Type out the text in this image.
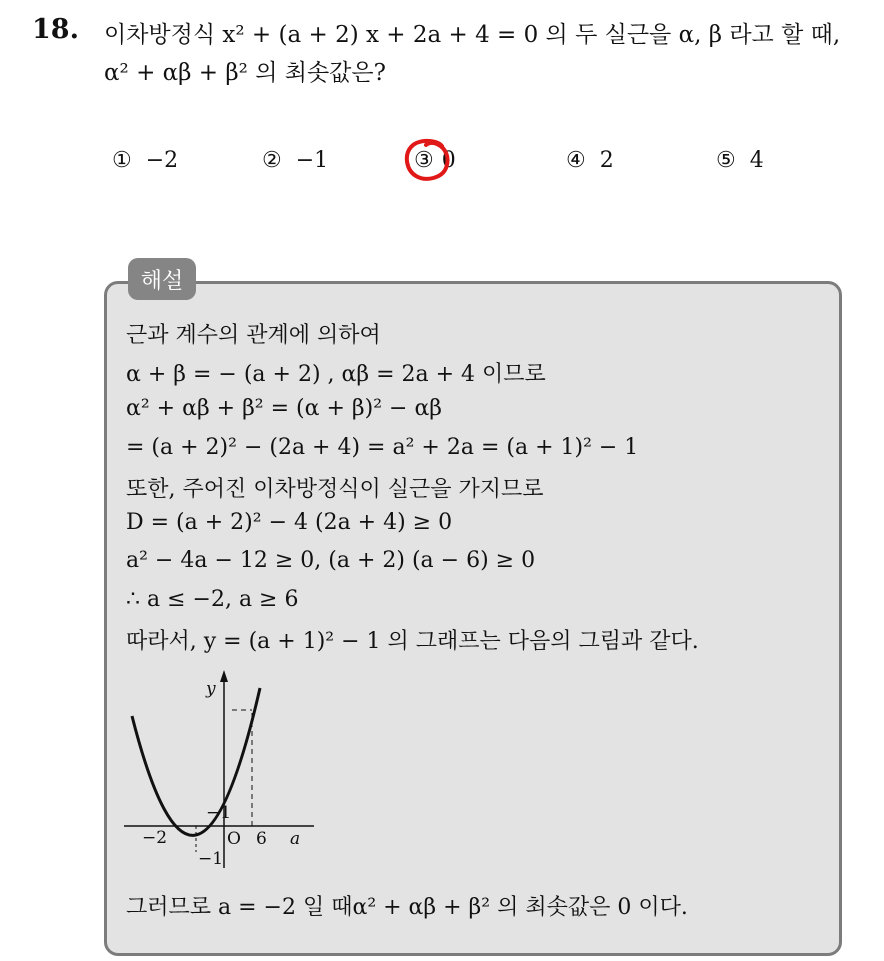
18. 이차방정식 x² + (a + 2) x + 2a + 4 = 0 의 두 실근을 α, β 라고 할 때,
α² + αβ + β² 의 최솟값은?
① −2	② −1	③ 0	④ 2	⑤ 4
해설
근과 계수의 관계에 의하여
α + β = − (a + 2) , αβ = 2a + 4 이므로
α² + αβ + β² = (α + β)² − αβ
= (a + 2)² − (2a + 4) = a² + 2a = (a + 1)² − 1
또한, 주어진 이차방정식이 실근을 가지므로
D = (a + 2)² − 4 (2a + 4) ≥ 0
a² − 4a − 12 ≥ 0, (a + 2) (a − 6) ≥ 0
∴ a ≤ −2, a ≥ 6
따라서, y = (a + 1)² − 1 의 그래프는 다음의 그림과 같다.
y
a
O
−2	6
−1
−1
그러므로 a = −2 일 때α² + αβ + β² 의 최솟값은 0 이다.
